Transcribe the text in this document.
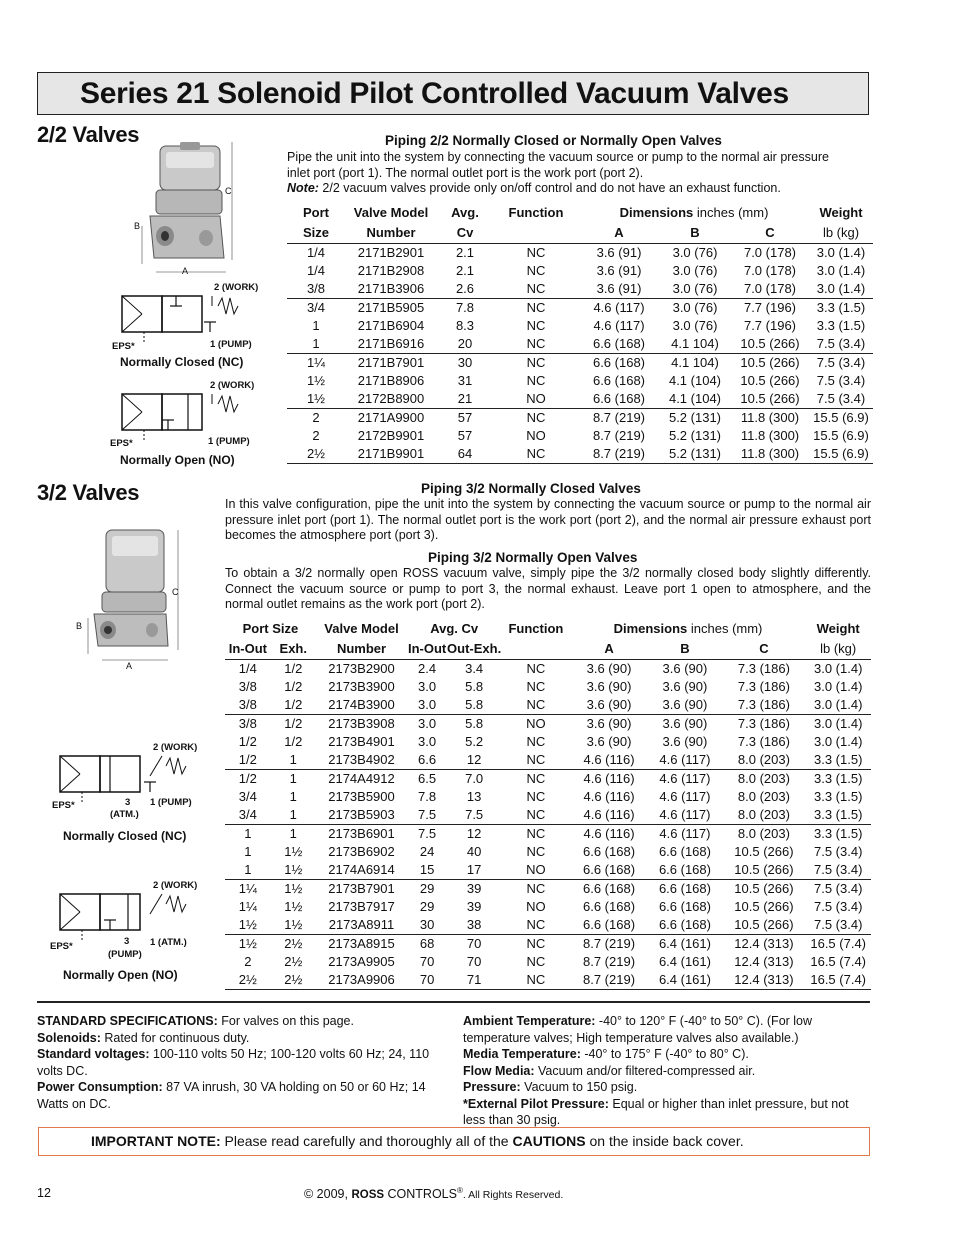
Series 21 Solenoid Pilot Controlled Vacuum Valves
2/2 Valves
C
B
A
2 (WORK)
EPS*	1 (PUMP)
Normally Closed (NC)
2 (WORK)
EPS*	1 (PUMP)
Normally Open (NO)
Piping 2/2 Normally Closed or Normally Open Valves
Pipe the unit into the system by connecting the vacuum source or pump to the normal air pressure
inlet port (port 1). The normal outlet port is the work port (port 2).
Note: 2/2 vacuum valves provide only on/off control and do not have an exhaust function.
Port	Valve Model	Avg.	Function	Dimensions inches (mm)			Weight
Size	Number	Cv		A	B	C	lb (kg)
1/4	2171B2901	2.1	NC	3.6 (91)	3.0 (76)	7.0 (178)	3.0 (1.4)
1/4	2171B2908	2.1	NC	3.6 (91)	3.0 (76)	7.0 (178)	3.0 (1.4)
3/8	2171B3906	2.6	NC	3.6 (91)	3.0 (76)	7.0 (178)	3.0 (1.4)
3/4	2171B5905	7.8	NC	4.6 (117)	3.0 (76)	7.7 (196)	3.3 (1.5)
1	2171B6904	8.3	NC	4.6 (117)	3.0 (76)	7.7 (196)	3.3 (1.5)
1	2171B6916	20	NC	6.6 (168)	4.1 104)	10.5 (266)	7.5 (3.4)
1¼	2171B7901	30	NC	6.6 (168)	4.1 104)	10.5 (266)	7.5 (3.4)
1½	2171B8906	31	NC	6.6 (168)	4.1 (104)	10.5 (266)	7.5 (3.4)
1½	2172B8900	21	NO	6.6 (168)	4.1 (104)	10.5 (266)	7.5 (3.4)
2	2171A9900	57	NC	8.7 (219)	5.2 (131)	11.8 (300)	15.5 (6.9)
2	2172B9901	57	NO	8.7 (219)	5.2 (131)	11.8 (300)	15.5 (6.9)
2½	2171B9901	64	NC	8.7 (219)	5.2 (131)	11.8 (300)	15.5 (6.9)
3/2 Valves	Piping 3/2 Normally Closed Valves
In this valve configuration, pipe the unit into the system by connecting the vacuum source or pump to the normal air pressure inlet port (port 1). The normal outlet port is the work port (port 2), and the normal air pressure exhaust port becomes the atmosphere port (port 3).
Piping 3/2 Normally Open Valves
To obtain a 3/2 normally open ROSS vacuum valve, simply pipe the 3/2 normally closed body slightly differently. Connect the vacuum source or pump to port 3, the normal exhaust. Leave port 1 open to atmosphere, and the normal outlet remains as the work port (port 2).
C
B
A
2 (WORK)
EPS*	3
(ATM.)
1 (PUMP)
Normally Closed (NC)
2 (WORK)
EPS*	3
(PUMP)
1 (ATM.)
Normally Open (NO)
Port Size		Valve Model	Avg. Cv		Function	Dimensions inches (mm)			Weight
In-Out	Exh.	Number	In-Out	Out-Exh.		A	B	C	lb (kg)
1/4	1/2	2173B2900	2.4	3.4	NC	3.6 (90)	3.6 (90)	7.3 (186)	3.0 (1.4)
3/8	1/2	2173B3900	3.0	5.8	NC	3.6 (90)	3.6 (90)	7.3 (186)	3.0 (1.4)
3/8	1/2	2174B3900	3.0	5.8	NC	3.6 (90)	3.6 (90)	7.3 (186)	3.0 (1.4)
3/8	1/2	2173B3908	3.0	5.8	NO	3.6 (90)	3.6 (90)	7.3 (186)	3.0 (1.4)
1/2	1/2	2173B4901	3.0	5.2	NC	3.6 (90)	3.6 (90)	7.3 (186)	3.0 (1.4)
1/2	1	2173B4902	6.6	12	NC	4.6 (116)	4.6 (117)	8.0 (203)	3.3 (1.5)
1/2	1	2174A4912	6.5	7.0	NC	4.6 (116)	4.6 (117)	8.0 (203)	3.3 (1.5)
3/4	1	2173B5900	7.8	13	NC	4.6 (116)	4.6 (117)	8.0 (203)	3.3 (1.5)
3/4	1	2173B5903	7.5	7.5	NC	4.6 (116)	4.6 (117)	8.0 (203)	3.3 (1.5)
1	1	2173B6901	7.5	12	NC	4.6 (116)	4.6 (117)	8.0 (203)	3.3 (1.5)
1	1½	2173B6902	24	40	NC	6.6 (168)	6.6 (168)	10.5 (266)	7.5 (3.4)
1	1½	2174A6914	15	17	NO	6.6 (168)	6.6 (168)	10.5 (266)	7.5 (3.4)
1¼	1½	2173B7901	29	39	NC	6.6 (168)	6.6 (168)	10.5 (266)	7.5 (3.4)
1¼	1½	2173B7917	29	39	NO	6.6 (168)	6.6 (168)	10.5 (266)	7.5 (3.4)
1½	1½	2173A8911	30	38	NC	6.6 (168)	6.6 (168)	10.5 (266)	7.5 (3.4)
1½	2½	2173A8915	68	70	NC	8.7 (219)	6.4 (161)	12.4 (313)	16.5 (7.4)
2	2½	2173A9905	70	70	NC	8.7 (219)	6.4 (161)	12.4 (313)	16.5 (7.4)
2½	2½	2173A9906	70	71	NC	8.7 (219)	6.4 (161)	12.4 (313)	16.5 (7.4)
STANDARD SPECIFICATIONS: For valves on this page.
Solenoids: Rated for continuous duty.
Standard voltages: 100-110 volts 50 Hz; 100-120 volts 60 Hz; 24, 110 volts DC.
Power Consumption: 87 VA inrush, 30 VA holding on 50 or 60 Hz; 14 Watts on DC.
Ambient Temperature: -40° to 120° F (-40° to 50° C). (For low temperature valves; High temperature valves also available.)
Media Temperature: -40° to 175° F (-40° to 80° C).
Flow Media: Vacuum and/or filtered-compressed air.
Pressure: Vacuum to 150 psig.
*External Pilot Pressure: Equal or higher than inlet pressure, but not less than 30 psig.
IMPORTANT NOTE: Please read carefully and thoroughly all of the CAUTIONS on the inside back cover.
12	© 2009, ROSS CONTROLS®. All Rights Reserved.
